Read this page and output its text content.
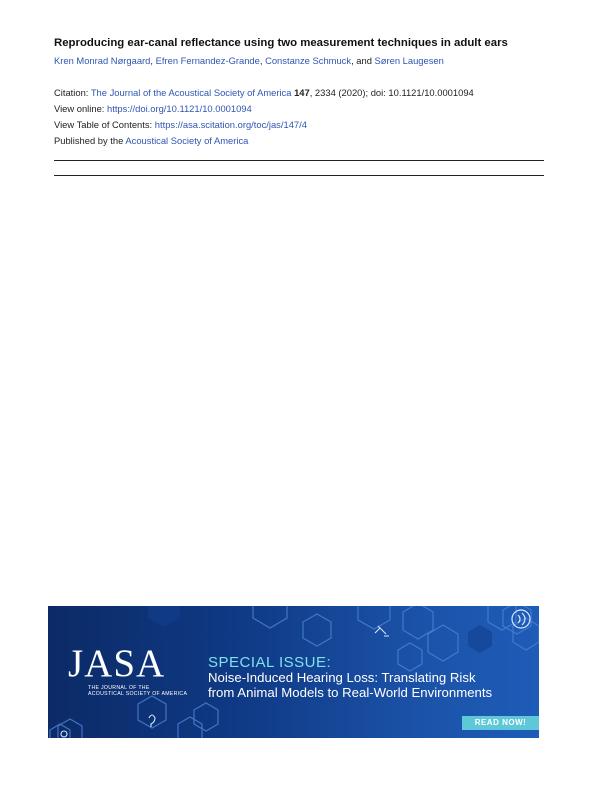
Reproducing ear-canal reflectance using two measurement techniques in adult ears
Kren Monrad Nørgaard, Efren Fernandez-Grande, Constanze Schmuck, and Søren Laugesen
Citation: The Journal of the Acoustical Society of America 147, 2334 (2020); doi: 10.1121/10.0001094
View online: https://doi.org/10.1121/10.0001094
View Table of Contents: https://asa.scitation.org/toc/jas/147/4
Published by the Acoustical Society of America
JASA
THE JOURNAL OF THE
ACOUSTICAL SOCIETY OF AMERICA
SPECIAL ISSUE:
Noise-Induced Hearing Loss: Translating Risk
from Animal Models to Real-World Environments
READ NOW!
